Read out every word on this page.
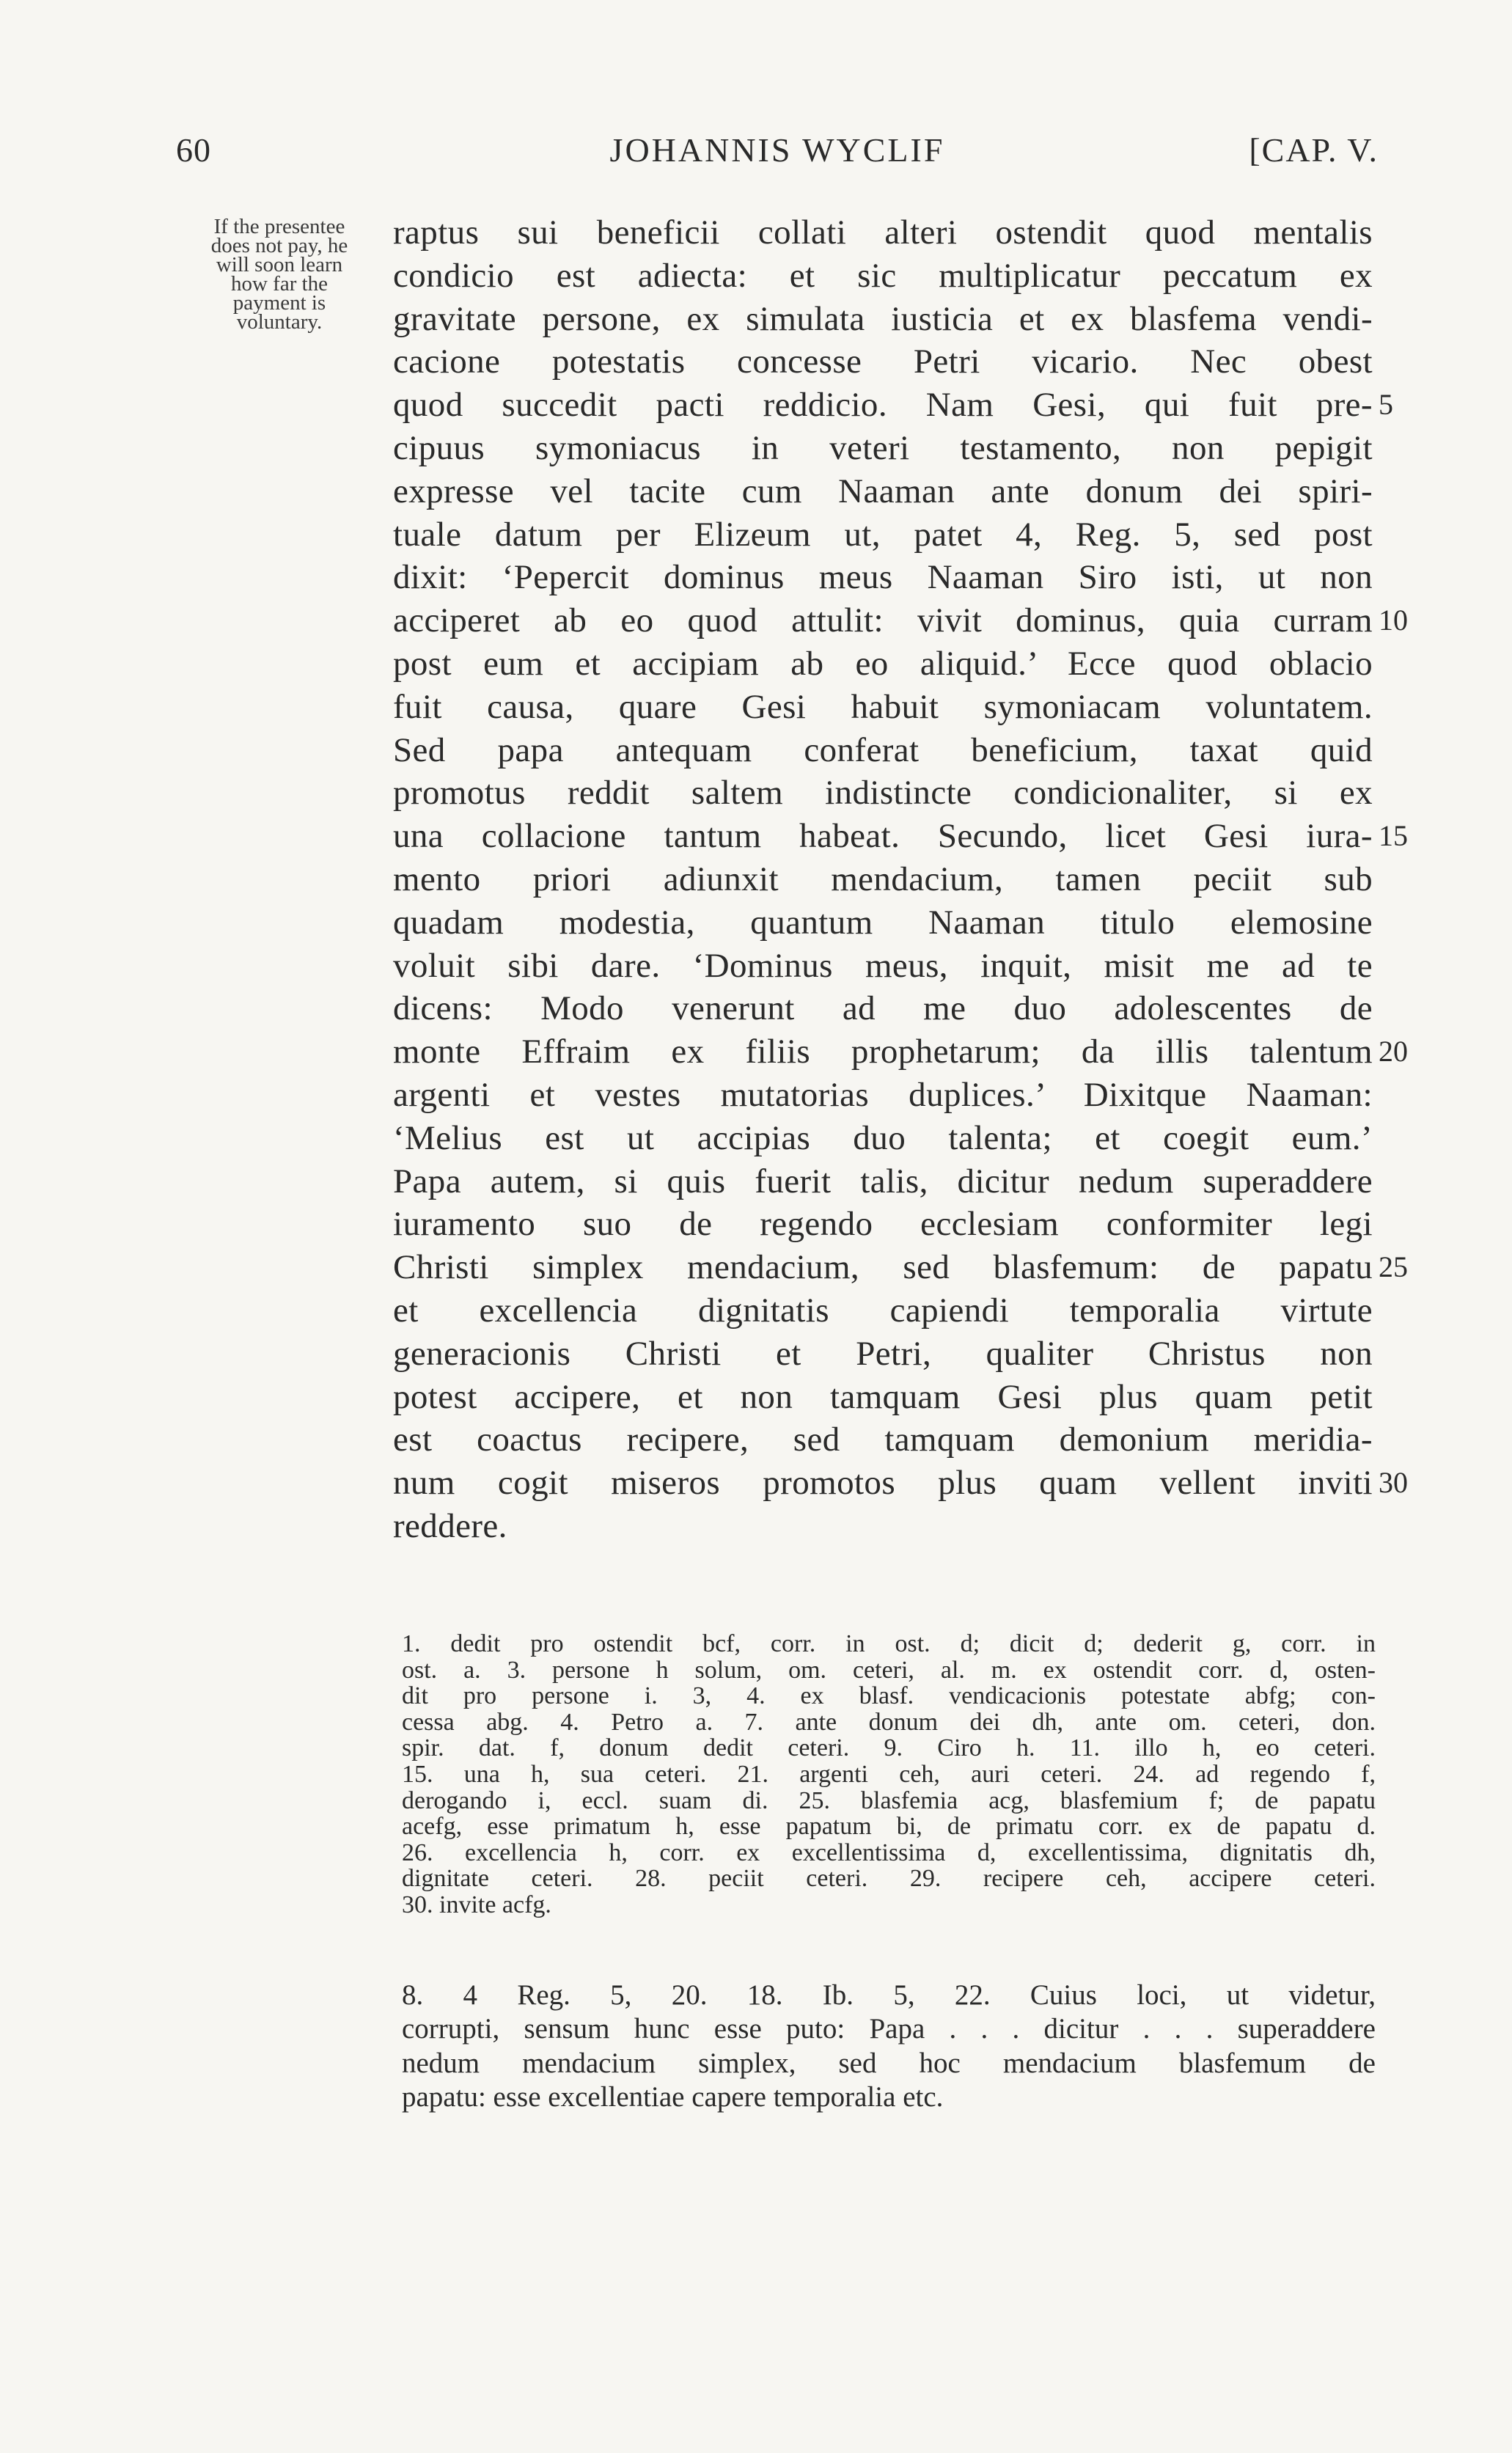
60	JOHANNIS WYCLIF	[CAP. V.
If the presentee
does not pay, he
will soon learn
how far the
payment is
voluntary.
raptus sui beneficii collati alteri ostendit quod mentalis
condicio est adiecta: et sic multiplicatur peccatum ex
gravitate persone, ex simulata iusticia et ex blasfema vendi-
cacione potestatis concesse Petri vicario. Nec obest
quod succedit pacti reddicio. Nam Gesi, qui fuit pre-
cipuus symoniacus in veteri testamento, non pepigit
expresse vel tacite cum Naaman ante donum dei spiri-
tuale datum per Elizeum ut, patet 4, Reg. 5, sed post
dixit: ‘Pepercit dominus meus Naaman Siro isti, ut non
acciperet ab eo quod attulit: vivit dominus, quia curram
post eum et accipiam ab eo aliquid.’ Ecce quod oblacio
fuit causa, quare Gesi habuit symoniacam voluntatem.
Sed papa antequam conferat beneficium, taxat quid
promotus reddit saltem indistincte condicionaliter, si ex
una collacione tantum habeat. Secundo, licet Gesi iura-
mento priori adiunxit mendacium, tamen peciit sub
quadam modestia, quantum Naaman titulo elemosine
voluit sibi dare. ‘Dominus meus, inquit, misit me ad te
dicens: Modo venerunt ad me duo adolescentes de
monte Effraim ex filiis prophetarum; da illis talentum
argenti et vestes mutatorias duplices.’ Dixitque Naaman:
‘Melius est ut accipias duo talenta; et coegit eum.’
Papa autem, si quis fuerit talis, dicitur nedum superaddere
iuramento suo de regendo ecclesiam conformiter legi
Christi simplex mendacium, sed blasfemum: de papatu
et excellencia dignitatis capiendi temporalia virtute
generacionis Christi et Petri, qualiter Christus non
potest accipere, et non tamquam Gesi plus quam petit
est coactus recipere, sed tamquam demonium meridia-
num cogit miseros promotos plus quam vellent inviti
reddere.
5
10
15
20
25
30
1. dedit pro ostendit bcf, corr. in ost. d; dicit d; dederit g, corr. in
ost. a. 3. persone h solum, om. ceteri, al. m. ex ostendit corr. d, osten-
dit pro persone i. 3, 4. ex blasf. vendicacionis potestate abfg; con-
cessa abg. 4. Petro a. 7. ante donum dei dh, ante om. ceteri, don.
spir. dat. f, donum dedit ceteri. 9. Ciro h. 11. illo h, eo ceteri.
15. una h, sua ceteri. 21. argenti ceh, auri ceteri. 24. ad regendo f,
derogando i, eccl. suam di. 25. blasfemia acg, blasfemium f; de papatu
acefg, esse primatum h, esse papatum bi, de primatu corr. ex de papatu d.
26. excellencia h, corr. ex excellentissima d, excellentissima, dignitatis dh,
dignitate ceteri. 28. peciit ceteri. 29. recipere ceh, accipere ceteri.
30. invite acfg.
8. 4 Reg. 5, 20. 18. Ib. 5, 22. Cuius loci, ut videtur,
corrupti, sensum hunc esse puto: Papa . . . dicitur . . . superaddere
nedum mendacium simplex, sed hoc mendacium blasfemum de
papatu: esse excellentiae capere temporalia etc.
